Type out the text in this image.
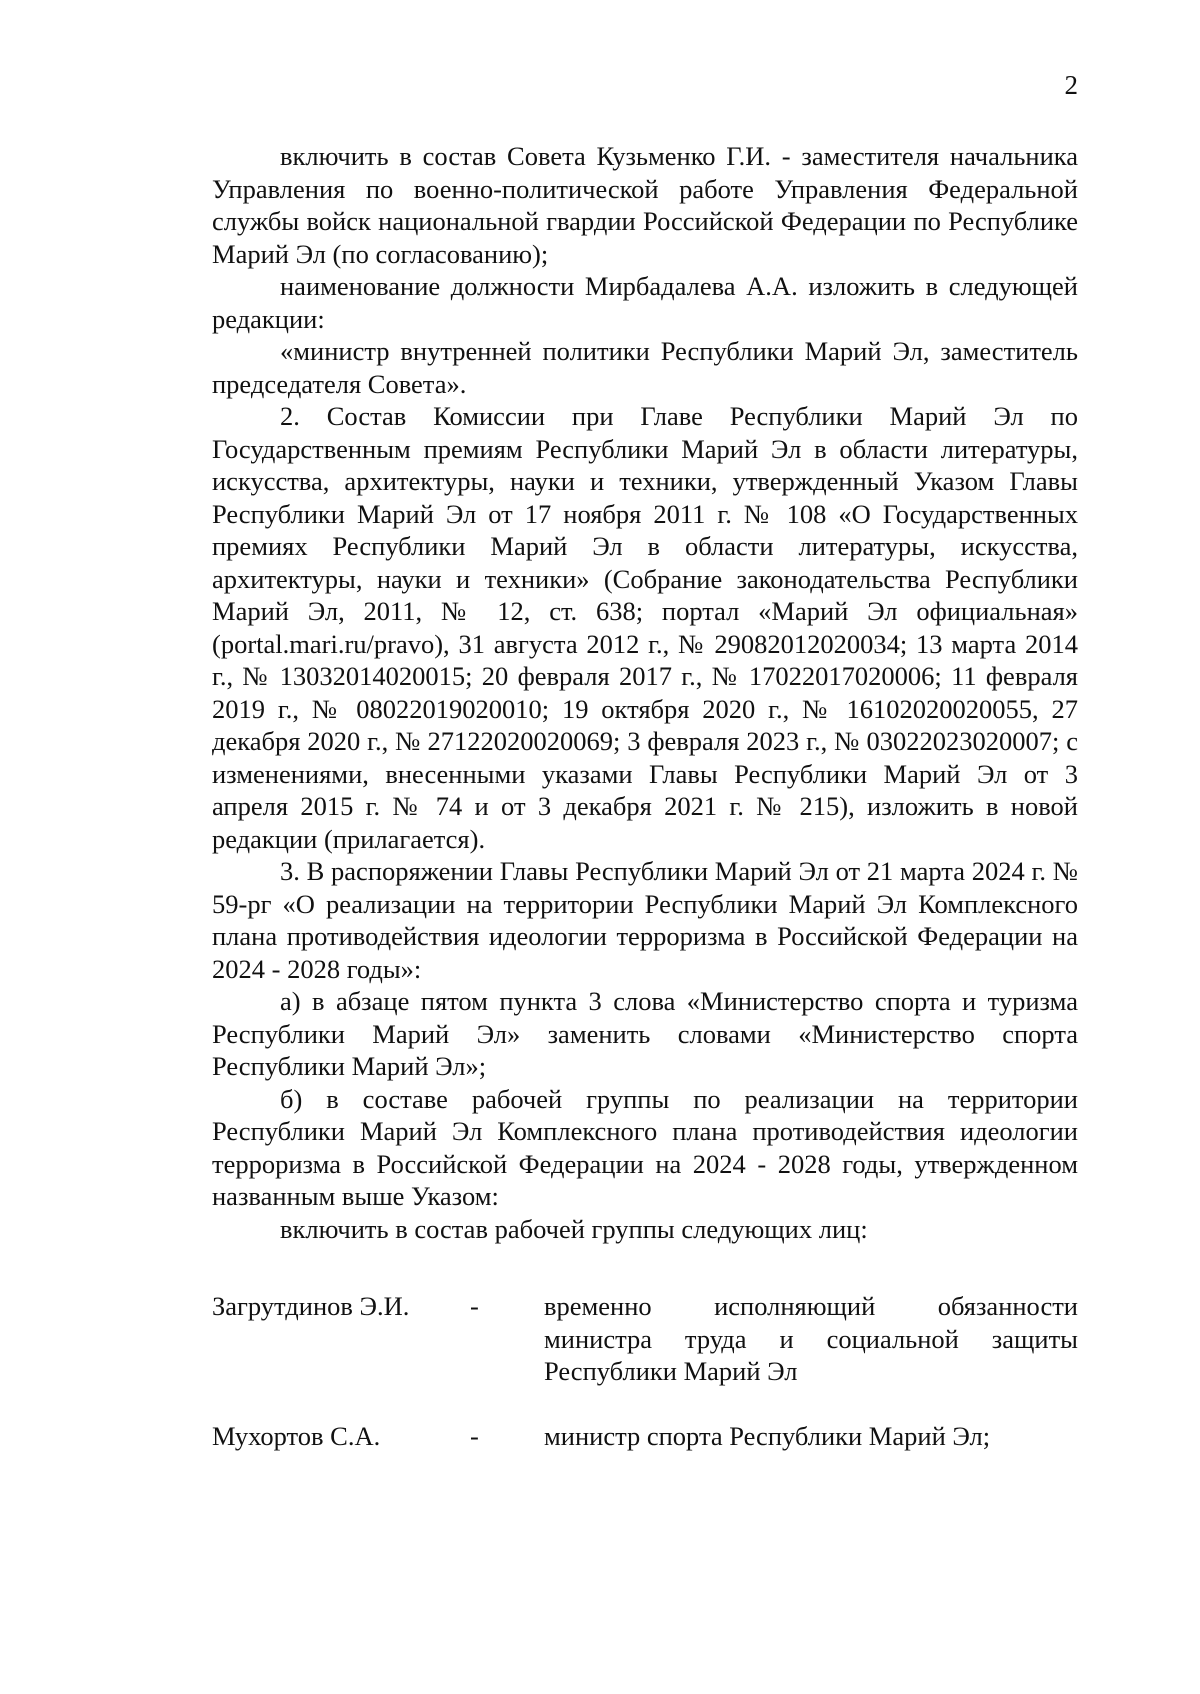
2

включить в состав Совета Кузьменко Г.И. - заместителя начальника Управления по военно-политической работе Управления Федеральной службы войск национальной гвардии Российской Федерации по Республике Марий Эл (по согласованию);

наименование должности Мирбадалева А.А. изложить в следующей редакции:

«министр внутренней политики Республики Марий Эл, заместитель председателя Совета».

2. Состав Комиссии при Главе Республики Марий Эл по Государственным премиям Республики Марий Эл в области литературы, искусства, архитектуры, науки и техники, утвержденный Указом Главы Республики Марий Эл от 17 ноября 2011 г. № 108 «О Государственных премиях Республики Марий Эл в области литературы, искусства, архитектуры, науки и техники» (Собрание законодательства Республики Марий Эл, 2011, № 12, ст. 638; портал «Марий Эл официальная» (portal.mari.ru/pravo), 31 августа 2012 г., № 29082012020034; 13 марта 2014 г., № 13032014020015; 20 февраля 2017 г., № 17022017020006; 11 февраля 2019 г., № 08022019020010; 19 октября 2020 г., № 16102020020055, 27 декабря 2020 г., № 27122020020069; 3 февраля 2023 г., № 03022023020007; с изменениями, внесенными указами Главы Республики Марий Эл от 3 апреля 2015 г. № 74 и от 3 декабря 2021 г. № 215), изложить в новой редакции (прилагается).

3. В распоряжении Главы Республики Марий Эл от 21 марта 2024 г. № 59-рг «О реализации на территории Республики Марий Эл Комплексного плана противодействия идеологии терроризма в Российской Федерации на 2024 - 2028 годы»:

а) в абзаце пятом пункта 3 слова «Министерство спорта и туризма Республики Марий Эл» заменить словами «Министерство спорта Республики Марий Эл»;

б) в составе рабочей группы по реализации на территории Республики Марий Эл Комплексного плана противодействия идеологии терроризма в Российской Федерации на 2024 - 2028 годы, утвержденном названным выше Указом:

включить в состав рабочей группы следующих лиц:

Загрутдинов Э.И.	-	временно исполняющий обязанности министра труда и социальной защиты Республики Марий Эл
Мухортов С.А.	-	министр спорта Республики Марий Эл;
